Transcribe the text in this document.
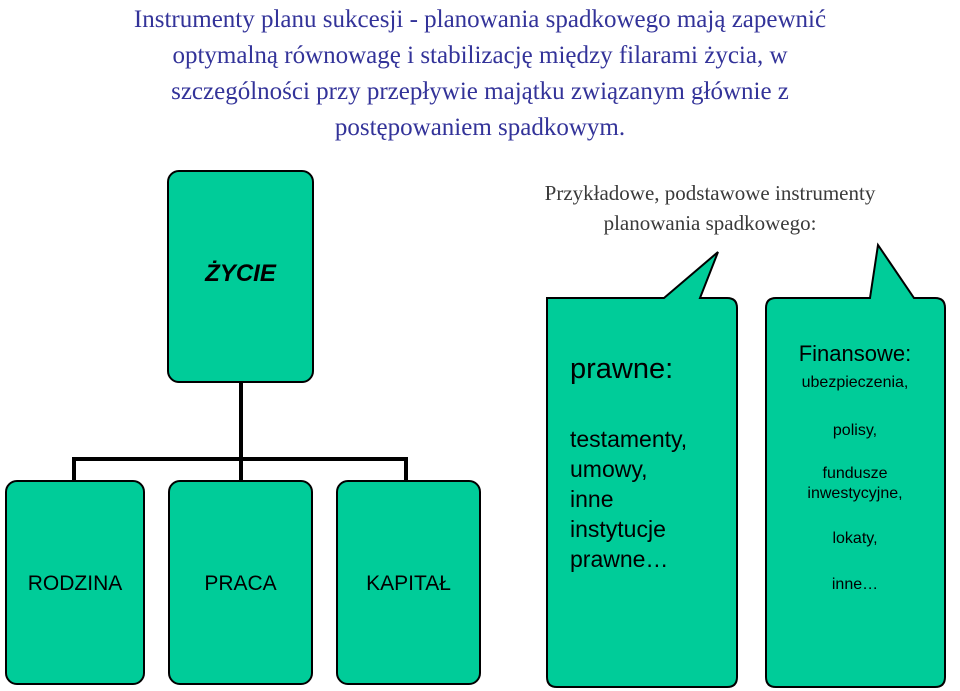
Instrumenty planu sukcesji - planowania spadkowego mają zapewnić
optymalną równowagę i stabilizację między filarami życia, w
szczególności przy przepływie majątku związanym głównie z
postępowaniem spadkowym.
Przykładowe, podstawowe instrumenty
planowania spadkowego:
ŻYCIE
RODZINA	PRACA	KAPITAŁ
prawne:
testamenty,
umowy,
inne
instytucje
prawne…
Finansowe:
ubezpieczenia,
polisy,
fundusze
inwestycyjne,
lokaty,
inne…
